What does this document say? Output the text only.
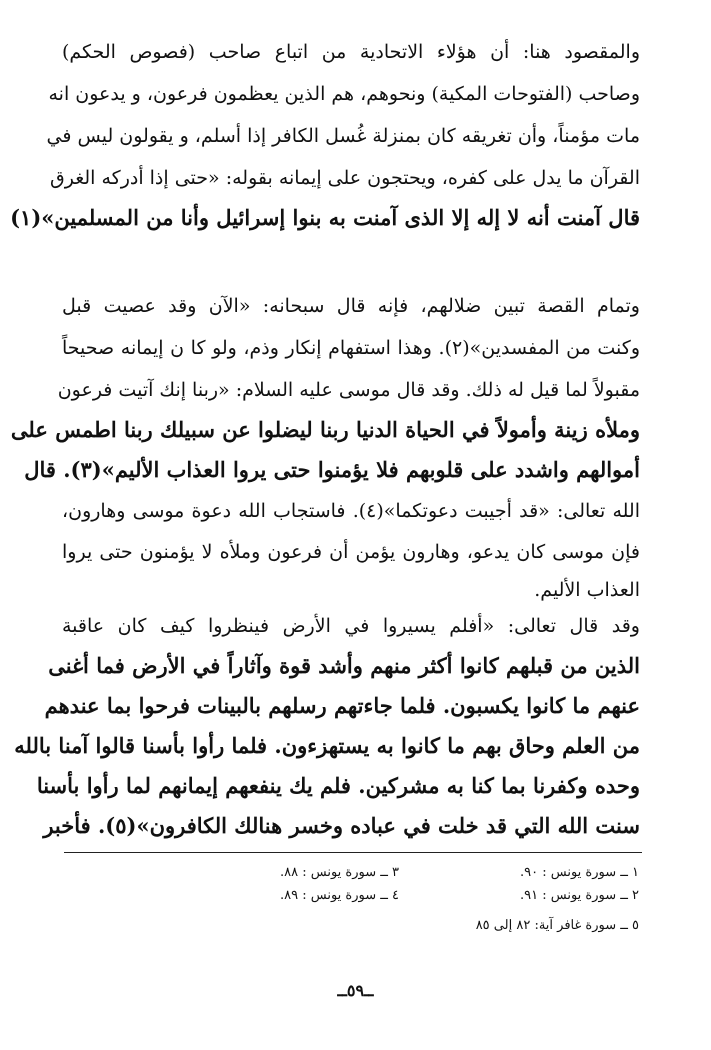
والمقصود هنا: أن هؤلاء الاتحادية من اتباع صاحب (فصوص الحكم)
وصاحب (الفتوحات المكية) ونحوهم، هم الذين يعظمون فرعون، و يدعون انه
مات مؤمناً، وأن تغريقه كان بمنزلة غُسل الكافر إذا أسلم، و يقولون ليس في
القرآن ما يدل على كفره، ويحتجون على إيمانه بقوله: «حتى إذا أدركه الغرق
قال آمنت أنه لا إله إلا الذى آمنت به بنوا إسرائيل وأنا من المسلمين»(١)
وتمام القصة تبين ضلالهم، فإنه قال سبحانه: «الآن وقد عصيت قبل
وكنت من المفسدين»(٢). وهذا استفهام إنكار وذم، ولو كا ن إيمانه صحيحاً
مقبولاً لما قيل له ذلك. وقد قال موسى عليه السلام: «ربنا إنك آتيت فرعون
وملأه زينة وأمولاً في الحياة الدنيا ربنا ليضلوا عن سبيلك ربنا اطمس على
أموالهم واشدد على قلوبهم فلا يؤمنوا حتى يروا العذاب الأليم»(٣). قال
الله تعالى: «قد أجيبت دعوتكما»(٤). فاستجاب الله دعوة موسى وهارون،
فإن موسى كان يدعو، وهارون يؤمن أن فرعون وملأه لا يؤمنون حتى يروا
العذاب الأليم.
وقد قال تعالى: «أفلم يسيروا في الأرض فينظروا كيف كان عاقبة
الذين من قبلهم كانوا أكثر منهم وأشد قوة وآثاراً في الأرض فما أغنى
عنهم ما كانوا يكسبون. فلما جاءتهم رسلهم بالبينات فرحوا بما عندهم
من العلم وحاق بهم ما كانوا به يستهزءون. فلما رأوا بأسنا قالوا آمنا بالله
وحده وكفرنا بما كنا به مشركين. فلم يك ينفعهم إيمانهم لما رأوا بأسنا
سنت الله التي قد خلت في عباده وخسر هنالك الكافرون»(٥). فأخبر
١ ــ سورة يونس : ٩٠.
٢ ــ سورة يونس : ٩١.
٣ ــ سورة يونس : ٨٨.
٤ ــ سورة يونس : ٨٩.
٥ ــ سورة غافر آية: ٨٢ إلى ٨٥
ــ٥٩ــ
